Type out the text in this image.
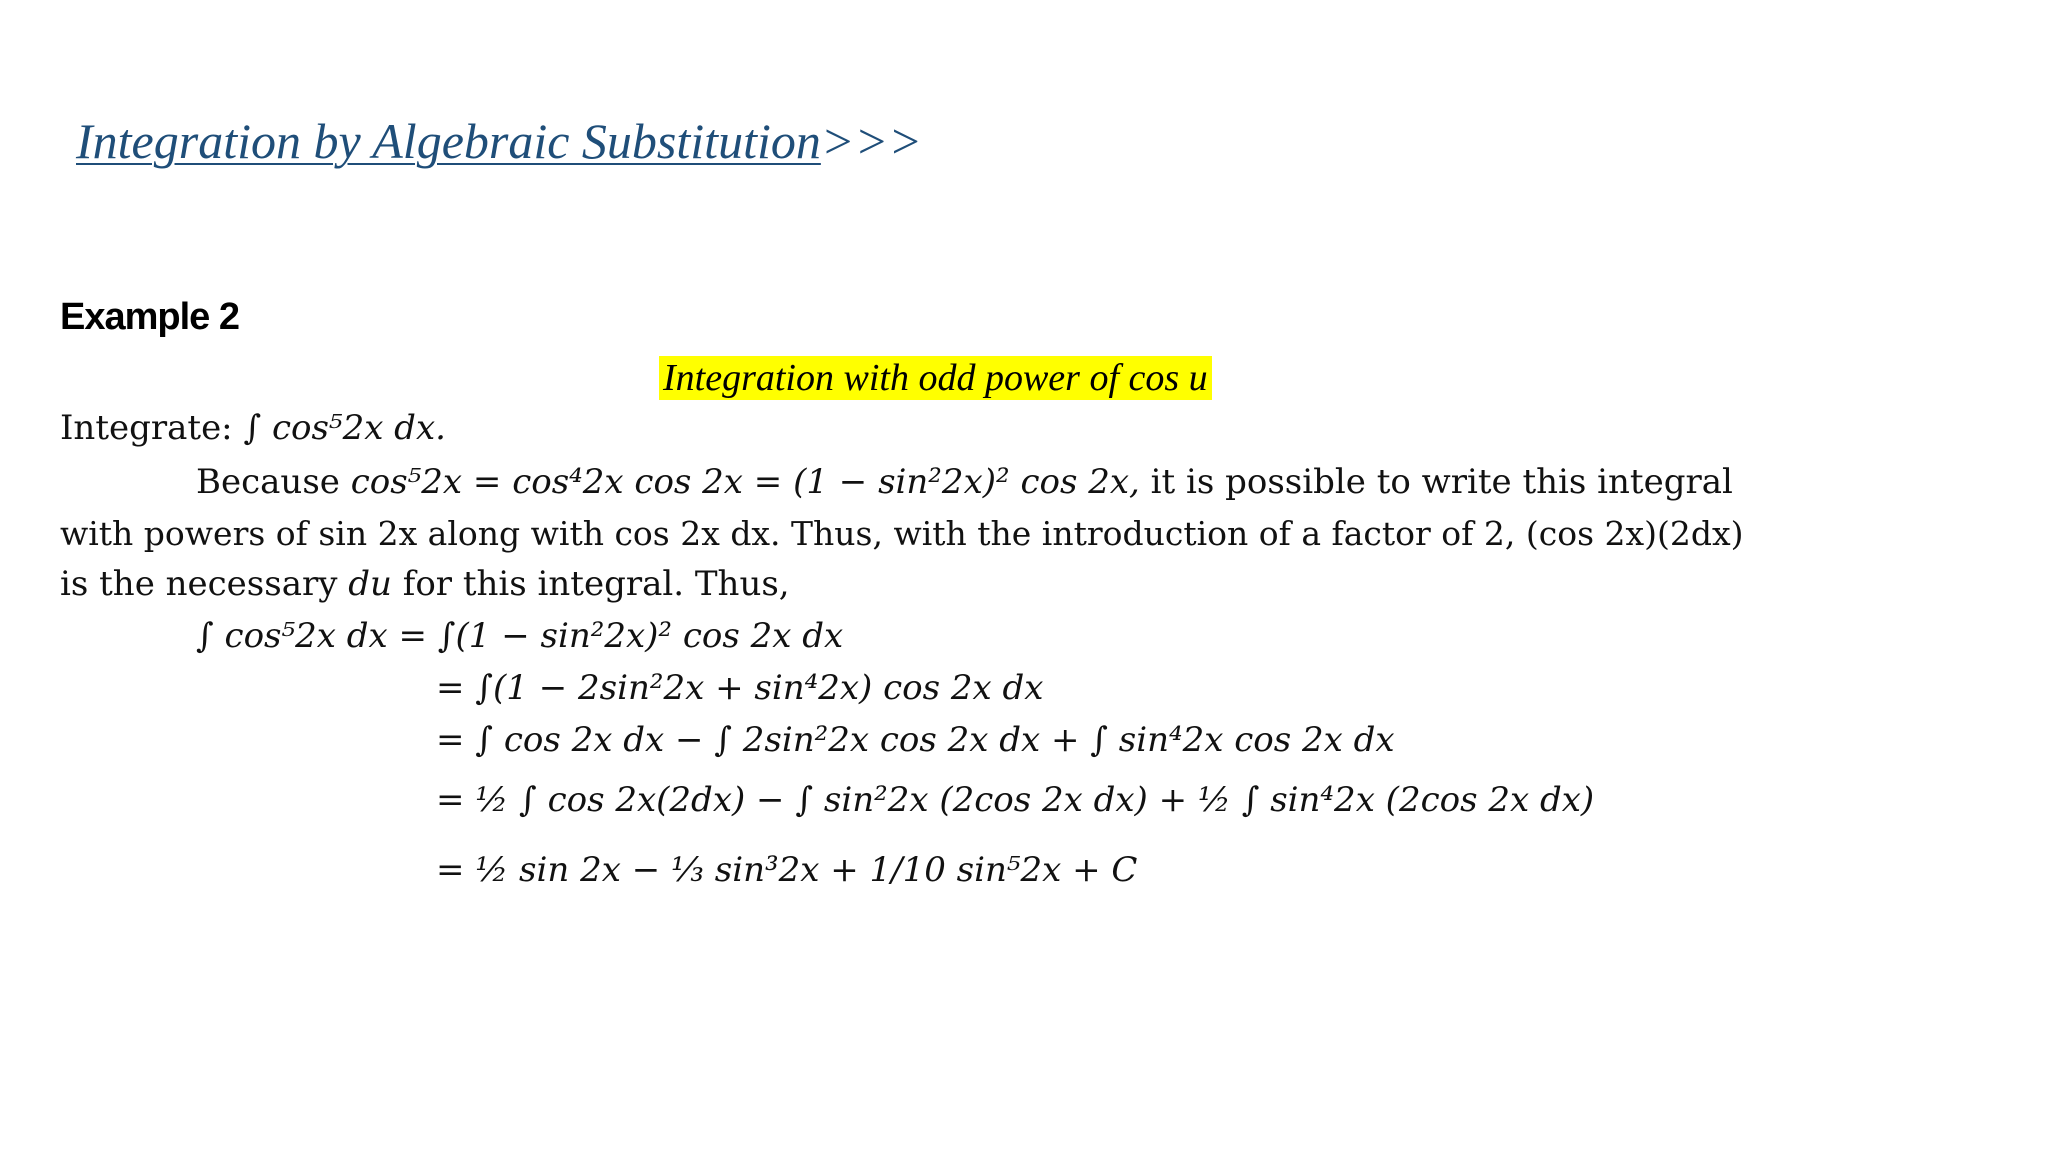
Integration by Algebraic Substitution>>>
Example 2
Integration with odd power of cos u
Integrate: ∫ cos⁵2x dx.
Because cos⁵2x = cos⁴2x cos 2x = (1 − sin²2x)² cos 2x, it is possible to write this integral
with powers of sin 2x along with cos 2x dx. Thus, with the introduction of a factor of 2, (cos 2x)(2dx)
is the necessary du for this integral. Thus,
∫ cos⁵2x dx = ∫(1 − sin²2x)² cos 2x dx
= ∫(1 − 2sin²2x + sin⁴2x) cos 2x dx
= ∫ cos 2x dx − ∫ 2sin²2x cos 2x dx + ∫ sin⁴2x cos 2x dx
= ½ ∫ cos 2x(2dx) − ∫ sin²2x (2cos 2x dx) + ½ ∫ sin⁴2x (2cos 2x dx)
= ½ sin 2x − ⅓ sin³2x + 1/10 sin⁵2x + C
